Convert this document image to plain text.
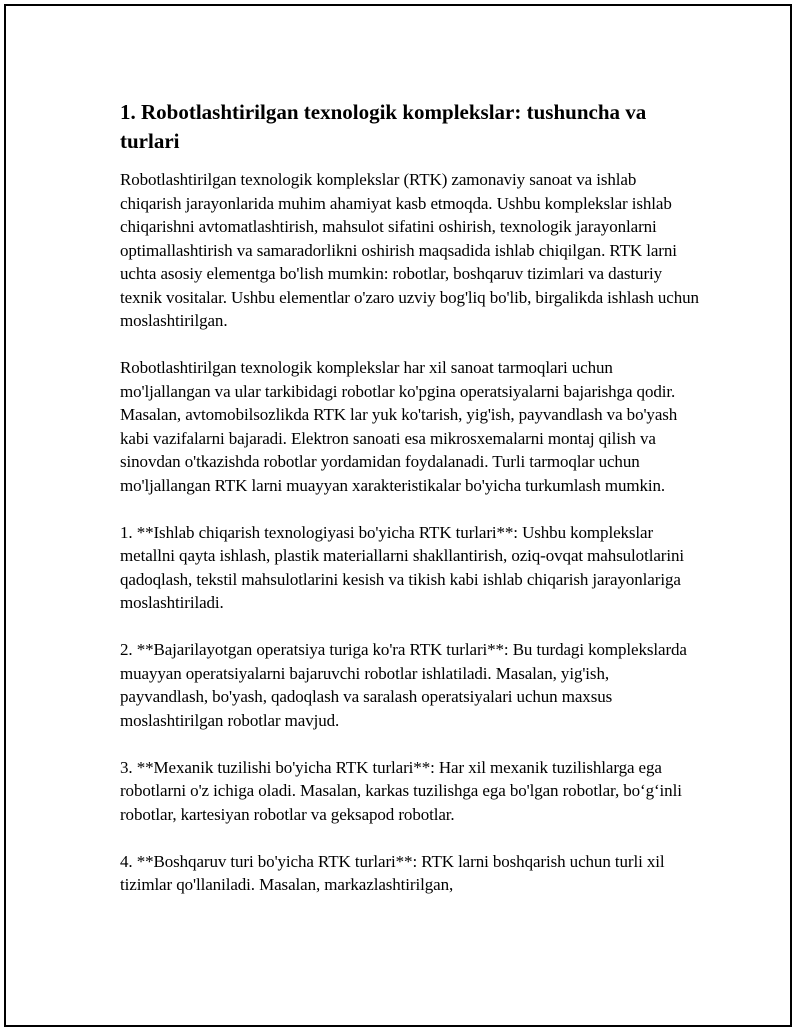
1. Robotlashtirilgan texnologik komplekslar: tushuncha va turlari

Robotlashtirilgan texnologik komplekslar (RTK) zamonaviy sanoat va ishlab chiqarish jarayonlarida muhim ahamiyat kasb etmoqda. Ushbu komplekslar ishlab chiqarishni avtomatlashtirish, mahsulot sifatini oshirish, texnologik jarayonlarni optimallashtirish va samaradorlikni oshirish maqsadida ishlab chiqilgan. RTK larni uchta asosiy elementga bo'lish mumkin: robotlar, boshqaruv tizimlari va dasturiy texnik vositalar. Ushbu elementlar o'zaro uzviy bog'liq bo'lib, birgalikda ishlash uchun moslashtirilgan.

Robotlashtirilgan texnologik komplekslar har xil sanoat tarmoqlari uchun mo'ljallangan va ular tarkibidagi robotlar ko'pgina operatsiyalarni bajarishga qodir. Masalan, avtomobilsozlikda RTK lar yuk ko'tarish, yig'ish, payvandlash va bo'yash kabi vazifalarni bajaradi. Elektron sanoati esa mikrosxemalarni montaj qilish va sinovdan o'tkazishda robotlar yordamidan foydalanadi. Turli tarmoqlar uchun mo'ljallangan RTK larni muayyan xarakteristikalar bo'yicha turkumlash mumkin.

1. **Ishlab chiqarish texnologiyasi bo'yicha RTK turlari**: Ushbu komplekslar metallni qayta ishlash, plastik materiallarni shakllantirish, oziq-ovqat mahsulotlarini qadoqlash, tekstil mahsulotlarini kesish va tikish kabi ishlab chiqarish jarayonlariga moslashtiriladi.

2. **Bajarilayotgan operatsiya turiga ko'ra RTK turlari**: Bu turdagi komplekslarda muayyan operatsiyalarni bajaruvchi robotlar ishlatiladi. Masalan, yig'ish, payvandlash, bo'yash, qadoqlash va saralash operatsiyalari uchun maxsus moslashtirilgan robotlar mavjud.

3. **Mexanik tuzilishi bo'yicha RTK turlari**: Har xil mexanik tuzilishlarga ega robotlarni o'z ichiga oladi. Masalan, karkas tuzilishga ega bo'lgan robotlar, bo‘g‘inli robotlar, kartesiyan robotlar va geksapod robotlar.

4. **Boshqaruv turi bo'yicha RTK turlari**: RTK larni boshqarish uchun turli xil tizimlar qo'llaniladi. Masalan, markazlashtirilgan,
